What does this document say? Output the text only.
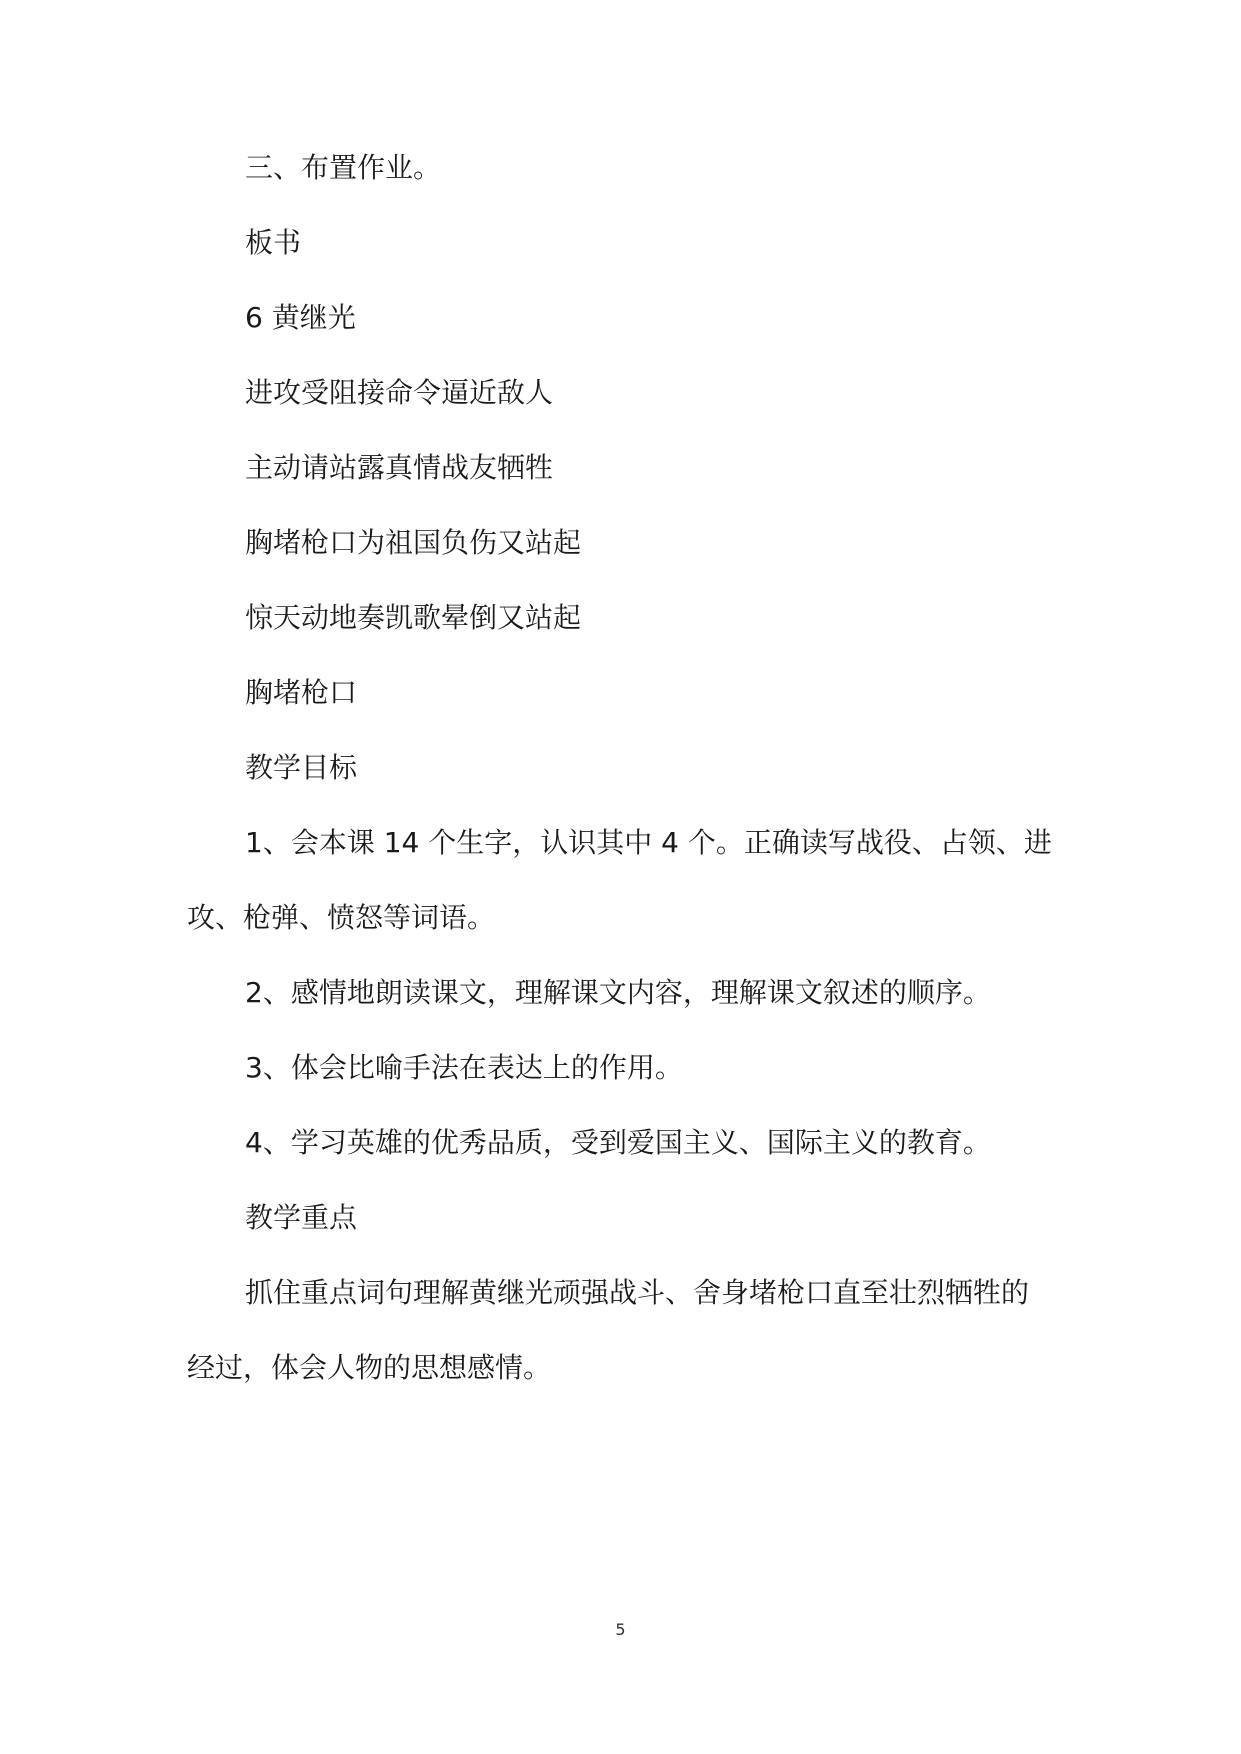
三、布置作业。
板书
6 黄继光
进攻受阻接命令逼近敌人
主动请站露真情战友牺牲
胸堵枪口为祖国负伤又站起
惊天动地奏凯歌晕倒又站起
胸堵枪口
教学目标
1、会本课 14 个生字，认识其中 4 个。正确读写战役、占领、进
攻、枪弹、愤怒等词语。
2、感情地朗读课文，理解课文内容，理解课文叙述的顺序。
3、体会比喻手法在表达上的作用。
4、学习英雄的优秀品质，受到爱国主义、国际主义的教育。
教学重点
抓住重点词句理解黄继光顽强战斗、舍身堵枪口直至壮烈牺牲的
经过，体会人物的思想感情。
5
